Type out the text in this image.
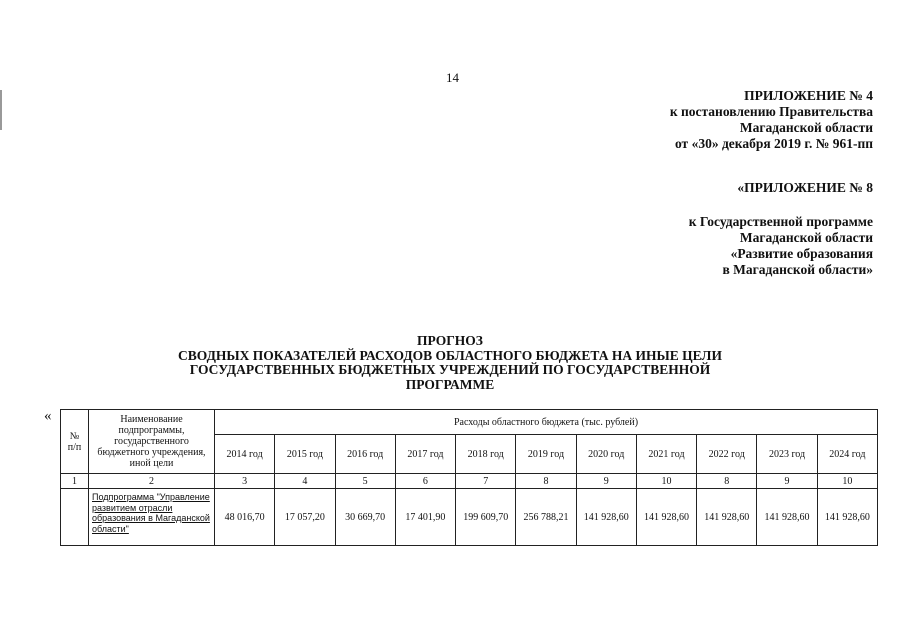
14
ПРИЛОЖЕНИЕ № 4
к постановлению Правительства
Магаданской области
от «30» декабря 2019 г. № 961-пп
«ПРИЛОЖЕНИЕ № 8
к Государственной программе
Магаданской области
«Развитие образования
в Магаданской области»
ПРОГНОЗ
СВОДНЫХ ПОКАЗАТЕЛЕЙ РАСХОДОВ ОБЛАСТНОГО БЮДЖЕТА НА ИНЫЕ ЦЕЛИ
ГОСУДАРСТВЕННЫХ БЮДЖЕТНЫХ УЧРЕЖДЕНИЙ ПО ГОСУДАРСТВЕННОЙ
ПРОГРАММЕ
«
№
п/п	Наименование подпрограммы, государственного бюджетного учреждения, иной цели	Расходы областного бюджета (тыс. рублей)										
		2014 год	2015 год	2016 год	2017 год	2018 год	2019 год	2020 год	2021 год	2022 год	2023 год	2024 год
1	2	3	4	5	6	7	8	9	10	8	9	10
	Подпрограмма "Управление развитием отрасли образования в Магаданской области"	48 016,70	17 057,20	30 669,70	17 401,90	199 609,70	256 788,21	141 928,60	141 928,60	141 928,60	141 928,60	141 928,60
